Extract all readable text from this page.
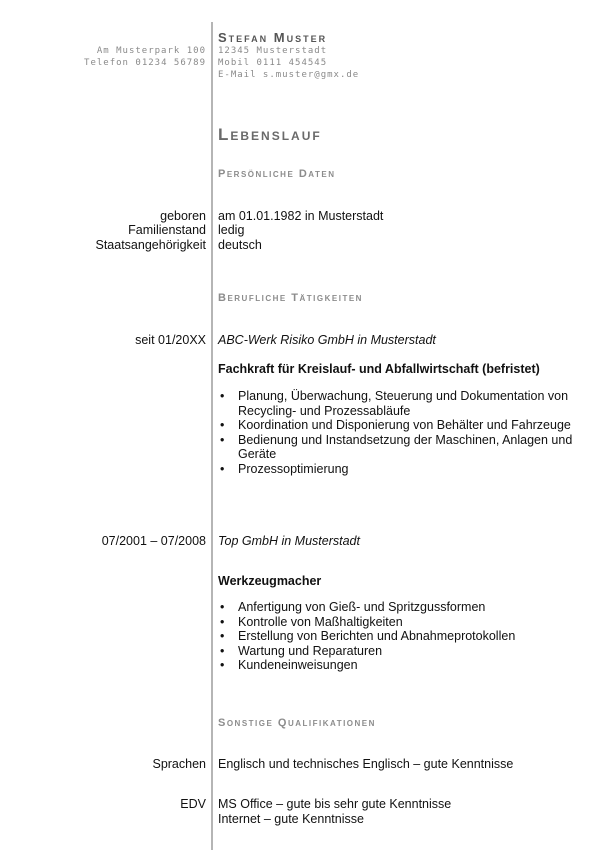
Am Musterpark 100
Telefon 01234 56789
Stefan Muster
12345 Musterstadt
Mobil 0111 454545
E-Mail s.muster@gmx.de
Lebenslauf
Persönliche Daten
geboren am 01.01.1982 in Musterstadt
Familienstand ledig
Staatsangehörigkeit deutsch
Berufliche Tätigkeiten
seit 01/20XX ABC-Werk Risiko GmbH in Musterstadt
Fachkraft für Kreislauf- und Abfallwirtschaft (befristet)
• Planung, Überwachung, Steuerung und Dokumentation von Recycling- und Prozessabläufe
• Koordination und Disponierung von Behälter und Fahrzeuge
• Bedienung und Instandsetzung der Maschinen, Anlagen und Geräte
• Prozessoptimierung
07/2001 – 07/2008 Top GmbH in Musterstadt
Werkzeugmacher
• Anfertigung von Gieß- und Spritzgussformen
• Kontrolle von Maßhaltigkeiten
• Erstellung von Berichten und Abnahmeprotokollen
• Wartung und Reparaturen
• Kundeneinweisungen
Sonstige Qualifikationen
Sprachen Englisch und technisches Englisch – gute Kenntnisse
EDV MS Office – gute bis sehr gute Kenntnisse
Internet – gute Kenntnisse
